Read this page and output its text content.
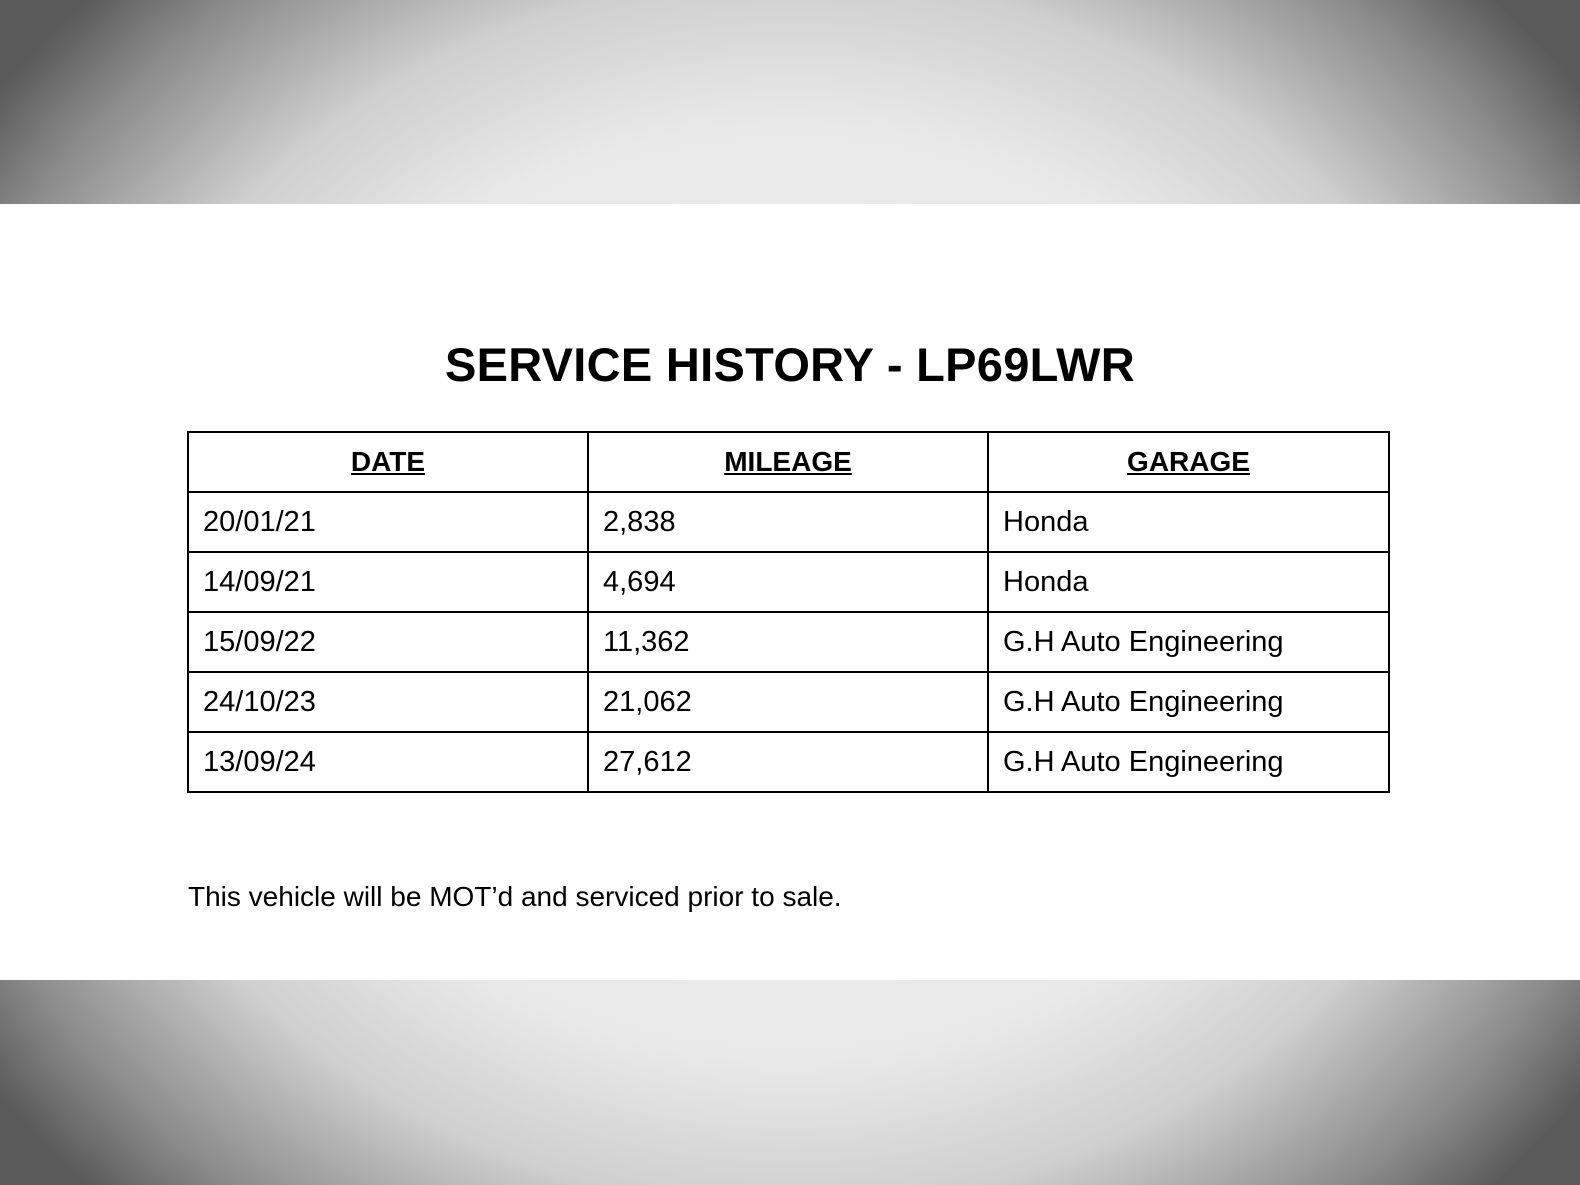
SERVICE HISTORY - LP69LWR
DATE	MILEAGE	GARAGE
20/01/21	2,838	Honda
14/09/21	4,694	Honda
15/09/22	11,362	G.H Auto Engineering
24/10/23	21,062	G.H Auto Engineering
13/09/24	27,612	G.H Auto Engineering

This vehicle will be MOT’d and serviced prior to sale.
